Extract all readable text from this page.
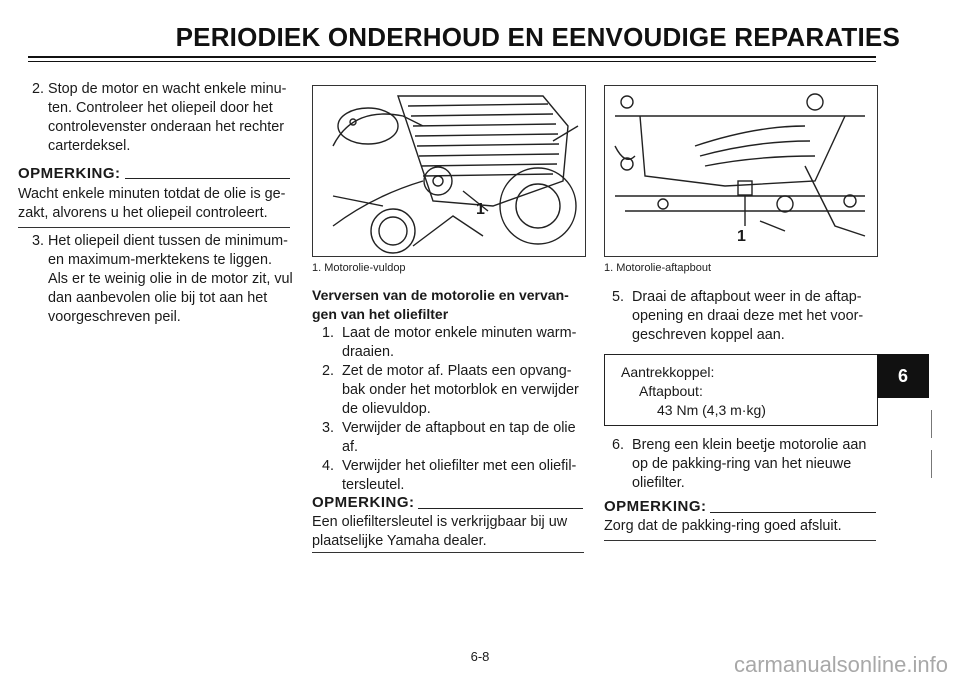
PERIODIEK ONDERHOUD EN EENVOUDIGE REPARATIES
2. Stop de motor en wacht enkele minu-
ten. Controleer het oliepeil door het
controlevenster onderaan het rechter
carterdeksel.
OPMERKING:
Wacht enkele minuten totdat de olie is ge-
zakt, alvorens u het oliepeil controleert.
3. Het oliepeil dient tussen de minimum-
en maximum-merktekens te liggen.
Als er te weinig olie in de motor zit, vul
dan aanbevolen olie bij tot aan het
voorgeschreven peil.
1
1. Motorolie-vuldop
Verversen van de motorolie en vervan-
gen van het oliefilter
1. Laat de motor enkele minuten warm-
draaien.
2. Zet de motor af. Plaats een opvang-
bak onder het motorblok en verwijder
de olievuldop.
3. Verwijder de aftapbout en tap de olie
af.
4. Verwijder het oliefilter met een oliefil-
tersleutel.
OPMERKING:
Een oliefiltersleutel is verkrijgbaar bij uw
plaatselijke Yamaha dealer.
1
1. Motorolie-aftapbout
5. Draai de aftapbout weer in de aftap-
opening en draai deze met het voor-
geschreven koppel aan.
Aantrekkoppel:
Aftapbout:
43 Nm (4,3 m·kg)
6. Breng een klein beetje motorolie aan
op de pakking-ring van het nieuwe
oliefilter.
OPMERKING:
Zorg dat de pakking-ring goed afsluit.
6
6-8	carmanualsonline.info
